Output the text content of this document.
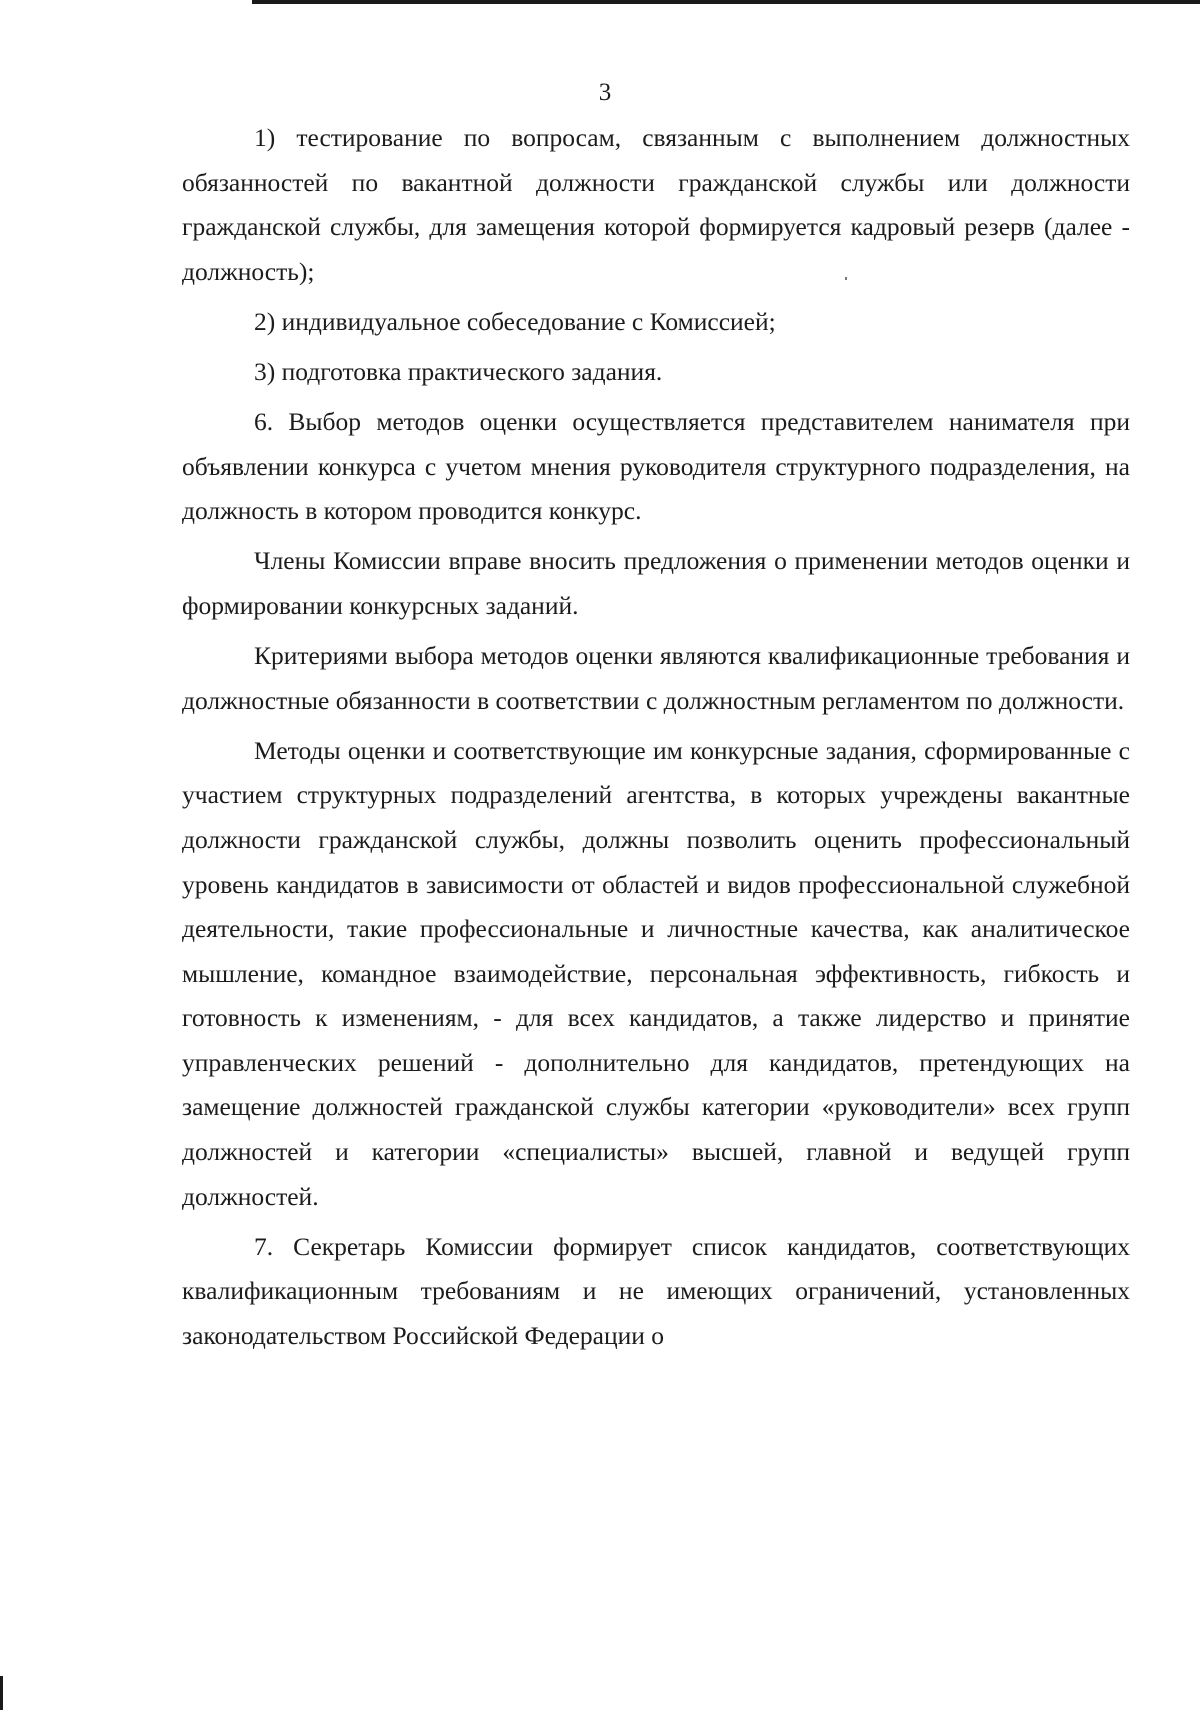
3

1) тестирование по вопросам, связанным с выполнением должностных обязанностей по вакантной должности гражданской службы или должности гражданской службы, для замещения которой формируется кадровый резерв (далее - должность);

2) индивидуальное собеседование с Комиссией;

3) подготовка практического задания.

6. Выбор методов оценки осуществляется представителем нанимателя при объявлении конкурса с учетом мнения руководителя структурного подразделения, на должность в котором проводится конкурс.

Члены Комиссии вправе вносить предложения о применении методов оценки и формировании конкурсных заданий.

Критериями выбора методов оценки являются квалификационные требования и должностные обязанности в соответствии с должностным регламентом по должности.

Методы оценки и соответствующие им конкурсные задания, сформированные с участием структурных подразделений агентства, в которых учреждены вакантные должности гражданской службы, должны позволить оценить профессиональный уровень кандидатов в зависимости от областей и видов профессиональной служебной деятельности, такие профессиональные и личностные качества, как аналитическое мышление, командное взаимодействие, персональная эффективность, гибкость и готовность к изменениям, - для всех кандидатов, а также лидерство и принятие управленческих решений - дополнительно для кандидатов, претендующих на замещение должностей гражданской службы категории «руководители» всех групп должностей и категории «специалисты» высшей, главной и ведущей групп должностей.

7. Секретарь Комиссии формирует список кандидатов, соответствующих квалификационным требованиям и не имеющих ограничений, установленных законодательством Российской Федерации о
